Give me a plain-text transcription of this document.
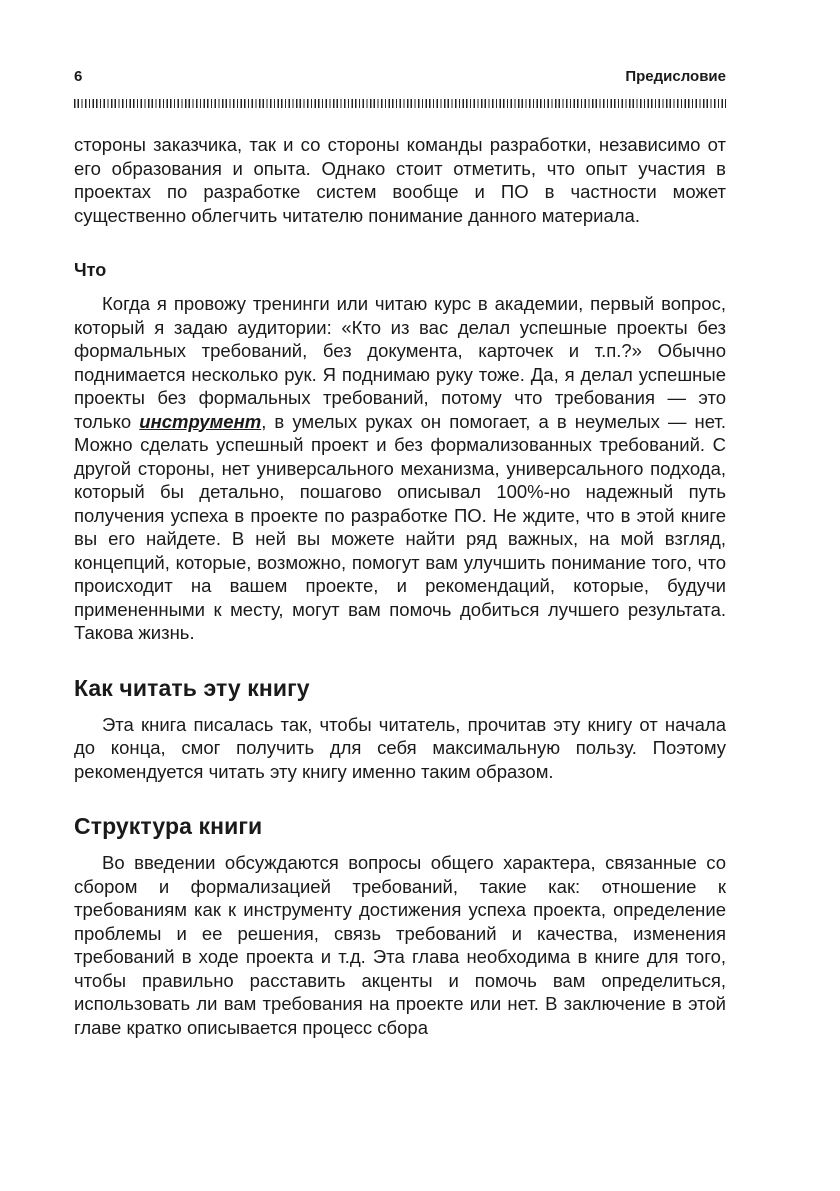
6	Предисловие

стороны заказчика, так и со стороны команды разработки, независимо от его образования и опыта. Однако стоит отметить, что опыт участия в проектах по разработке систем вообще и ПО в частности может существенно облегчить читателю понимание данного материала.

Что

Когда я провожу тренинги или читаю курс в академии, первый вопрос, который я задаю аудитории: «Кто из вас делал успешные проекты без формальных требований, без документа, карточек и т.п.?» Обычно поднимается несколько рук. Я поднимаю руку тоже. Да, я делал успешные проекты без формальных требований, потому что требования — это только инструмент, в умелых руках он помогает, а в неумелых — нет. Можно сделать успешный проект и без формализованных требований. С другой стороны, нет универсального механизма, универсального подхода, который бы детально, пошагово описывал 100%-но надежный путь получения успеха в проекте по разработке ПО. Не ждите, что в этой книге вы его найдете. В ней вы можете найти ряд важных, на мой взгляд, концепций, которые, возможно, помогут вам улучшить понимание того, что происходит на вашем проекте, и рекомендаций, которые, будучи примененными к месту, могут вам помочь добиться лучшего результата. Такова жизнь.

Как читать эту книгу

Эта книга писалась так, чтобы читатель, прочитав эту книгу от начала до конца, смог получить для себя максимальную пользу. Поэтому рекомендуется читать эту книгу именно таким образом.

Структура книги

Во введении обсуждаются вопросы общего характера, связанные со сбором и формализацией требований, такие как: отношение к требованиям как к инструменту достижения успеха проекта, определение проблемы и ее решения, связь требований и качества, изменения требований в ходе проекта и т.д. Эта глава необходима в книге для того, чтобы правильно расставить акценты и помочь вам определиться, использовать ли вам требования на проекте или нет. В заключение в этой главе кратко описывается процесс сбора
